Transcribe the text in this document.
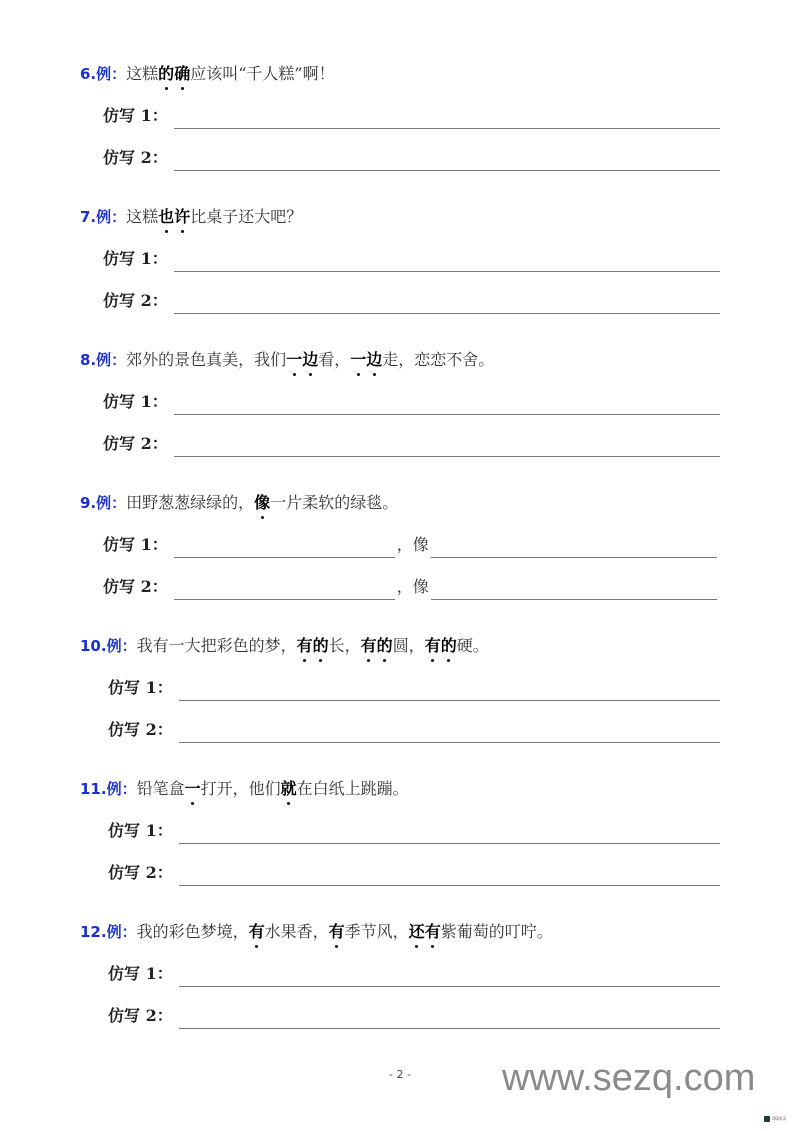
6.例：这糕的确应该叫“千人糕”啊！
仿写 1：
仿写 2：
7.例：这糕也许比桌子还大吧？
仿写 1：
仿写 2：
8.例：郊外的景色真美，我们一边看，一边走，恋恋不舍。
仿写 1：
仿写 2：
9.例：田野葱葱绿绿的，像一片柔软的绿毯。
仿写 1：	，像
仿写 2：	，像
10.例：我有一大把彩色的梦，有的长，有的圆，有的硬。
仿写 1：
仿写 2：
11.例：铅笔盒一打开，他们就在白纸上跳蹦。
仿写 1：
仿写 2：
12.例：我的彩色梦境，有水果香，有季节风，还有紫葡萄的叮咛。
仿写 1：
仿写 2：
- 2 - www.sezq.com
QQ阅读
